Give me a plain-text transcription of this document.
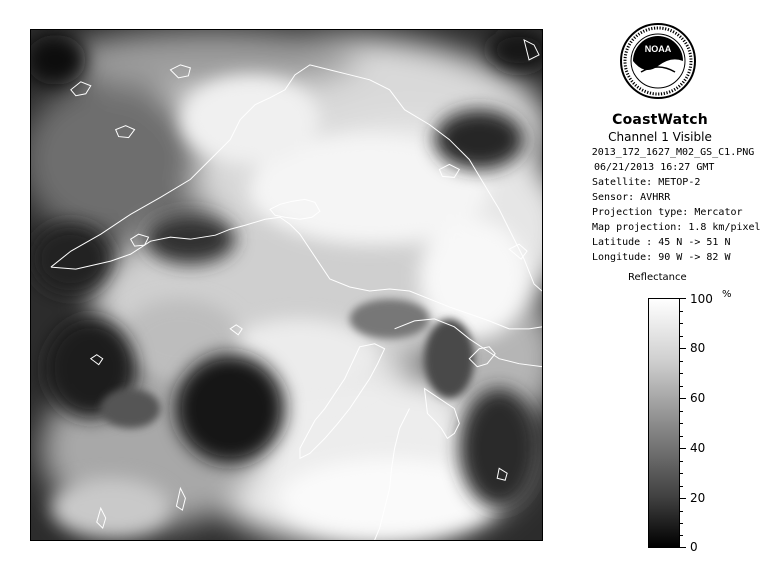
NOAA
CoastWatch
Channel 1 Visible
2013_172_1627_M02_GS_C1.PNG
06/21/2013 16:27 GMT
Satellite: METOP-2
Sensor: AVHRR
Projection type: Mercator
Map projection: 1.8 km/pixel
Latitude : 45 N -> 51 N
Longitude: 90 W -> 82 W
Reflectance
%
100
80
60
40
20
0
